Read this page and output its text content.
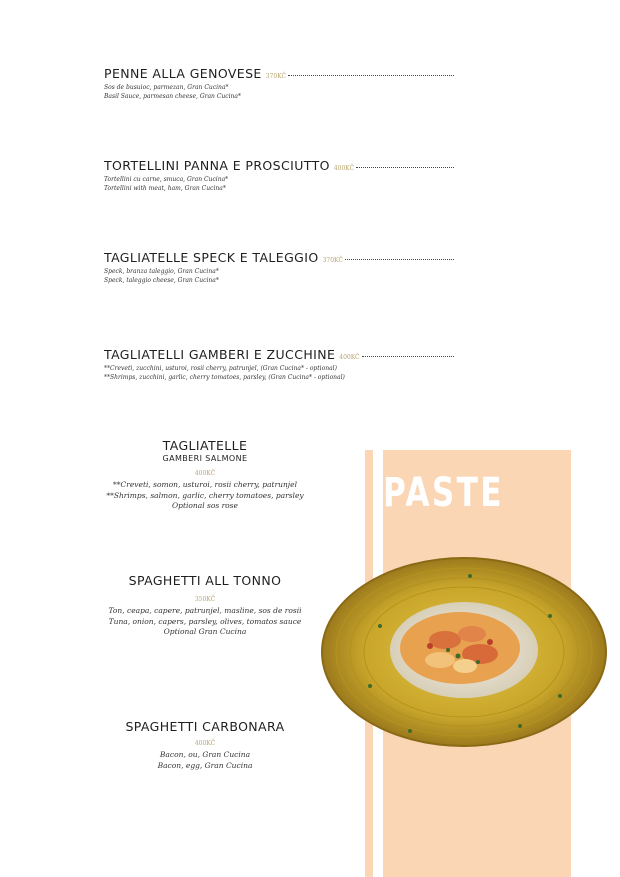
PENNE ALLA GENOVESE 370KČ
Sos de busuioc, parmezan, Gran Cucina*
Basil Sauce, parmesan cheese, Gran Cucina*
TORTELLINI PANNA E PROSCIUTTO 400KČ
Tortellini cu carne, smuca, Gran Cucina*
Tortellini with meat, ham, Gran Cucina*
TAGLIATELLE SPECK E TALEGGIO 370KČ
Speck, branza taleggio, Gran Cucina*
Speck, taleggio cheese, Gran Cucina*
TAGLIATELLI GAMBERI E ZUCCHINE 400KČ
**Creveti, zucchini, usturoi, rosii cherry, patrunjel, (Gran Cucina* - optional)
**Shrimps, zucchini, garlic, cherry tomatoes, parsley, (Gran Cucina* - optional)
TAGLIATELLE
GAMBERI SALMONE
400KČ
**Creveti, somon, usturoi, rosii cherry, patrunjel
**Shrimps, salmon, garlic, cherry tomatoes, parsley
Optional sos rose
SPAGHETTI ALL TONNO
350KČ
Ton, ceapa, capere, patrunjel, masline, sos de rosii
Tuna, onion, capers, parsley, olives, tomatos sauce
Optional Gran Cucina
SPAGHETTI CARBONARA
400KČ
Bacon, ou, Gran Cucina
Bacon, egg, Gran Cucina
PASTE
